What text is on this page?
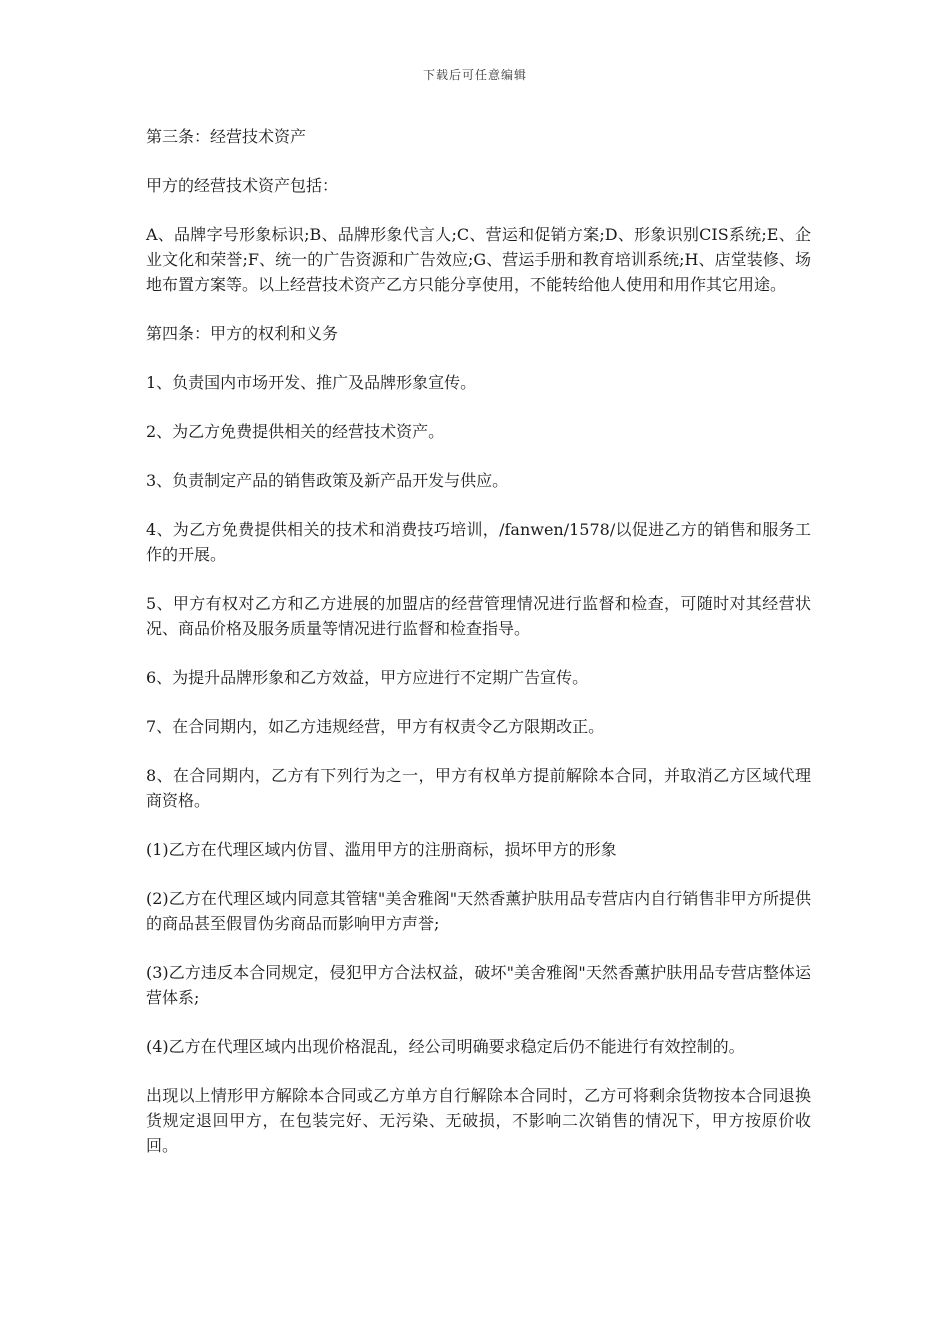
下载后可任意编辑

第三条：经营技术资产

甲方的经营技术资产包括：

A、品牌字号形象标识;B、品牌形象代言人;C、营运和促销方案;D、形象识别CIS系统;E、企业文化和荣誉;F、统一的广告资源和广告效应;G、营运手册和教育培训系统;H、店堂装修、场地布置方案等。以上经营技术资产乙方只能分享使用，不能转给他人使用和用作其它用途。

第四条：甲方的权利和义务

1、负责国内市场开发、推广及品牌形象宣传。

2、为乙方免费提供相关的经营技术资产。

3、负责制定产品的销售政策及新产品开发与供应。

4、为乙方免费提供相关的技术和消费技巧培训，/fanwen/1578/以促进乙方的销售和服务工作的开展。

5、甲方有权对乙方和乙方进展的加盟店的经营管理情况进行监督和检查，可随时对其经营状况、商品价格及服务质量等情况进行监督和检查指导。

6、为提升品牌形象和乙方效益，甲方应进行不定期广告宣传。

7、在合同期内，如乙方违规经营，甲方有权责令乙方限期改正。

8、在合同期内，乙方有下列行为之一，甲方有权单方提前解除本合同，并取消乙方区域代理商资格。

(1)乙方在代理区域内仿冒、滥用甲方的注册商标，损坏甲方的形象

(2)乙方在代理区域内同意其管辖"美舍雅阁"天然香薰护肤用品专营店内自行销售非甲方所提供的商品甚至假冒伪劣商品而影响甲方声誉;

(3)乙方违反本合同规定，侵犯甲方合法权益，破坏"美舍雅阁"天然香薰护肤用品专营店整体运营体系;

(4)乙方在代理区域内出现价格混乱，经公司明确要求稳定后仍不能进行有效控制的。

出现以上情形甲方解除本合同或乙方单方自行解除本合同时，乙方可将剩余货物按本合同退换货规定退回甲方，在包装完好、无污染、无破损，不影响二次销售的情况下，甲方按原价收回。
